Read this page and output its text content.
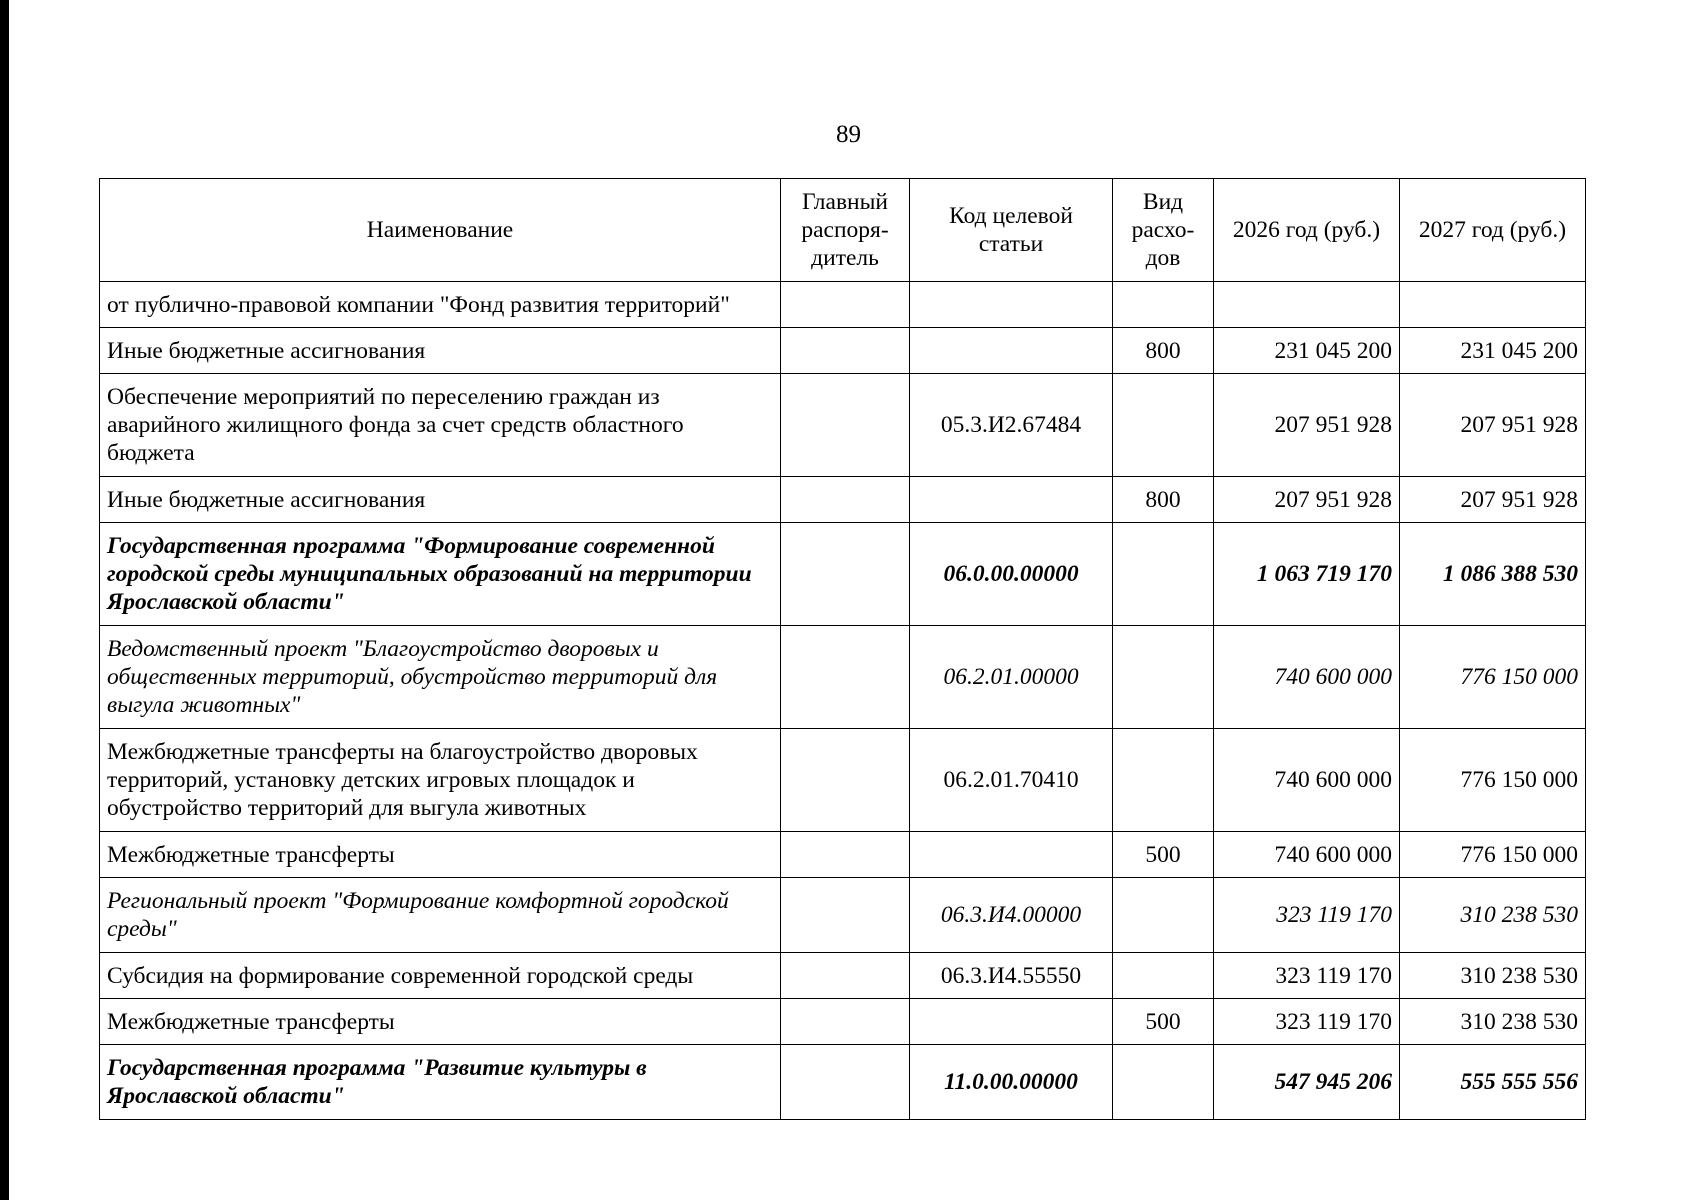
89
Наименование	Главный распоря-дитель	Код целевой статьи	Вид расхо-дов	2026 год (руб.)	2027 год (руб.)
от публично-правовой компании "Фонд развития территорий"					
Иные бюджетные ассигнования			800	231 045 200	231 045 200
Обеспечение мероприятий по переселению граждан из аварийного жилищного фонда за счет средств областного бюджета		05.3.И2.67484		207 951 928	207 951 928
Иные бюджетные ассигнования			800	207 951 928	207 951 928
Государственная программа "Формирование современной городской среды муниципальных образований на территории Ярославской области"		06.0.00.00000		1 063 719 170	1 086 388 530
Ведомственный проект "Благоустройство дворовых и общественных территорий, обустройство территорий для выгула животных"		06.2.01.00000		740 600 000	776 150 000
Межбюджетные трансферты на благоустройство дворовых территорий, установку детских игровых площадок и обустройство территорий для выгула животных		06.2.01.70410		740 600 000	776 150 000
Межбюджетные трансферты			500	740 600 000	776 150 000
Региональный проект "Формирование комфортной городской среды"		06.3.И4.00000		323 119 170	310 238 530
Субсидия на формирование современной городской среды		06.3.И4.55550		323 119 170	310 238 530
Межбюджетные трансферты			500	323 119 170	310 238 530
Государственная программа "Развитие культуры в Ярославской области"		11.0.00.00000		547 945 206	555 555 556
